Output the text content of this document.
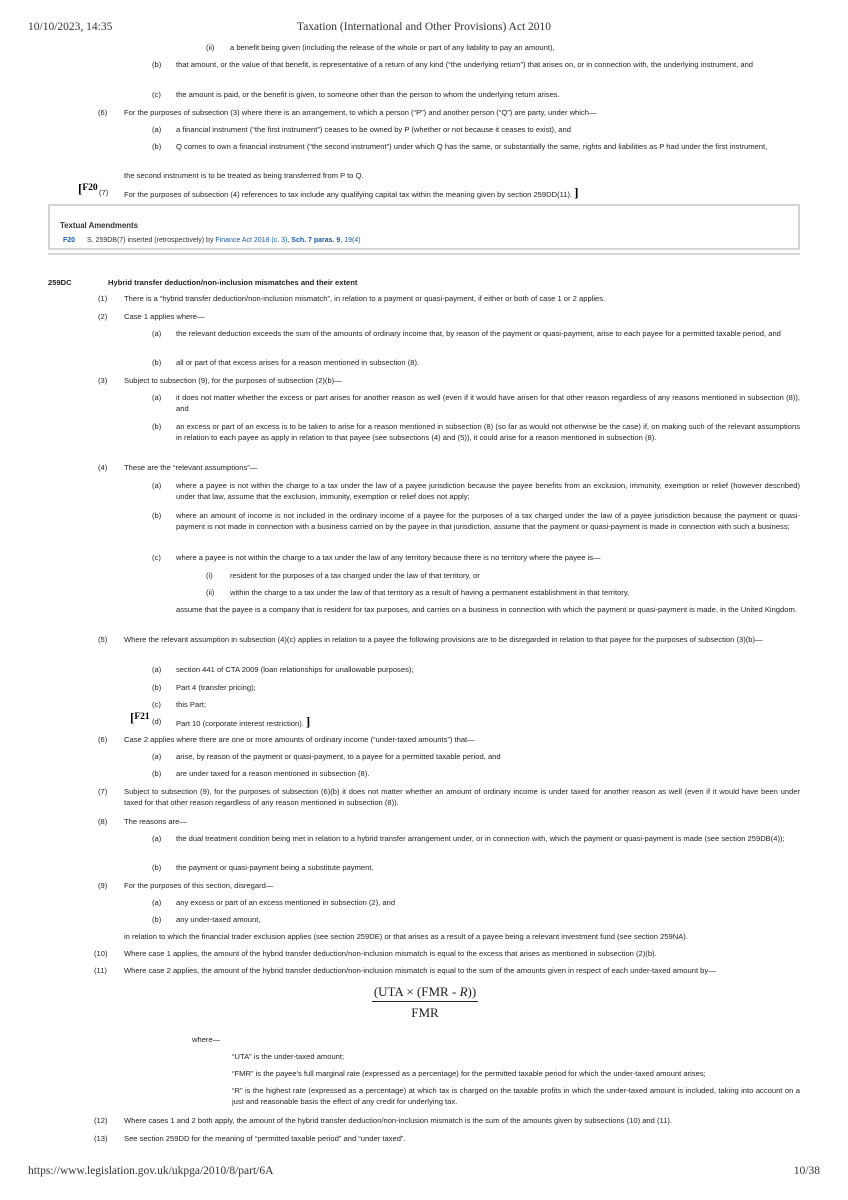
10/10/2023, 14:35	Taxation (International and Other Provisions) Act 2010
(ii) a benefit being given (including the release of the whole or part of any liability to pay an amount),
(b) that amount, or the value of that benefit, is representative of a return of any kind (“the underlying return”) that arises on, or in connection with, the underlying instrument, and
(c) the amount is paid, or the benefit is given, to someone other than the person to whom the underlying return arises.
(6) For the purposes of subsection (3) where there is an arrangement, to which a person (“P”) and another person (“Q”) are party, under which—
(a) a financial instrument (“the first instrument”) ceases to be owned by P (whether or not because it ceases to exist), and
(b) Q comes to own a financial instrument (“the second instrument”) under which Q has the same, or substantially the same, rights and liabilities as P had under the first instrument,
the second instrument is to be treated as being transferred from P to Q.
[F20 (7) For the purposes of subsection (4) references to tax include any qualifying capital tax within the meaning given by section 259DD(11). ]
Textual Amendments
F20 S. 259DB(7) inserted (retrospectively) by Finance Act 2018 (c. 3), Sch. 7 paras. 9, 19(4)
259DC	Hybrid transfer deduction/non-inclusion mismatches and their extent
(1) There is a “hybrid transfer deduction/non-inclusion mismatch”, in relation to a payment or quasi-payment, if either or both of case 1 or 2 applies.
(2) Case 1 applies where—
(a) the relevant deduction exceeds the sum of the amounts of ordinary income that, by reason of the payment or quasi-payment, arise to each payee for a permitted taxable period, and
(b) all or part of that excess arises for a reason mentioned in subsection (8).
(3) Subject to subsection (9), for the purposes of subsection (2)(b)—
(a) it does not matter whether the excess or part arises for another reason as well (even if it would have arisen for that other reason regardless of any reasons mentioned in subsection (8)), and
(b) an excess or part of an excess is to be taken to arise for a reason mentioned in subsection (8) (so far as would not otherwise be the case) if, on making such of the relevant assumptions in relation to each payee as apply in relation to that payee (see subsections (4) and (5)), it could arise for a reason mentioned in subsection (8).
(4) These are the “relevant assumptions”—
(a) where a payee is not within the charge to a tax under the law of a payee jurisdiction because the payee benefits from an exclusion, immunity, exemption or relief (however described) under that law, assume that the exclusion, immunity, exemption or relief does not apply;
(b) where an amount of income is not included in the ordinary income of a payee for the purposes of a tax charged under the law of a payee jurisdiction because the payment or quasi-payment is not made in connection with a business carried on by the payee in that jurisdiction, assume that the payment or quasi-payment is made in connection with such a business;
(c) where a payee is not within the charge to a tax under the law of any territory because there is no territory where the payee is—
(i) resident for the purposes of a tax charged under the law of that territory, or
(ii) within the charge to a tax under the law of that territory as a result of having a permanent establishment in that territory,
assume that the payee is a company that is resident for tax purposes, and carries on a business in connection with which the payment or quasi-payment is made, in the United Kingdom.
(5) Where the relevant assumption in subsection (4)(c) applies in relation to a payee the following provisions are to be disregarded in relation to that payee for the purposes of subsection (3)(b)—
(a) section 441 of CTA 2009 (loan relationships for unallowable purposes);
(b) Part 4 (transfer pricing);
(c) this Part;
[F21 (d) Part 10 (corporate interest restriction). ]
(6) Case 2 applies where there are one or more amounts of ordinary income (“under-taxed amounts”) that—
(a) arise, by reason of the payment or quasi-payment, to a payee for a permitted taxable period, and
(b) are under taxed for a reason mentioned in subsection (8).
(7) Subject to subsection (9), for the purposes of subsection (6)(b) it does not matter whether an amount of ordinary income is under taxed for another reason as well (even if it would have been under taxed for that other reason regardless of any reason mentioned in subsection (8)).
(8) The reasons are—
(a) the dual treatment condition being met in relation to a hybrid transfer arrangement under, or in connection with, which the payment or quasi-payment is made (see section 259DB(4));
(b) the payment or quasi-payment being a substitute payment.
(9) For the purposes of this section, disregard—
(a) any excess or part of an excess mentioned in subsection (2), and
(b) any under-taxed amount,
in relation to which the financial trader exclusion applies (see section 259DE) or that arises as a result of a payee being a relevant investment fund (see section 259NA).
(10) Where case 1 applies, the amount of the hybrid transfer deduction/non-inclusion mismatch is equal to the excess that arises as mentioned in subsection (2)(b).
(11) Where case 2 applies, the amount of the hybrid transfer deduction/non-inclusion mismatch is equal to the sum of the amounts given in respect of each under-taxed amount by—
(UTA × (FMR - R))
FMR
where—
“UTA” is the under-taxed amount;
“FMR” is the payee's full marginal rate (expressed as a percentage) for the permitted taxable period for which the under-taxed amount arises;
“R” is the highest rate (expressed as a percentage) at which tax is charged on the taxable profits in which the under-taxed amount is included, taking into account on a just and reasonable basis the effect of any credit for underlying tax.
(12) Where cases 1 and 2 both apply, the amount of the hybrid transfer deduction/non-inclusion mismatch is the sum of the amounts given by subsections (10) and (11).
(13) See section 259DD for the meaning of “permitted taxable period” and “under taxed”.
https://www.legislation.gov.uk/ukpga/2010/8/part/6A	10/38
